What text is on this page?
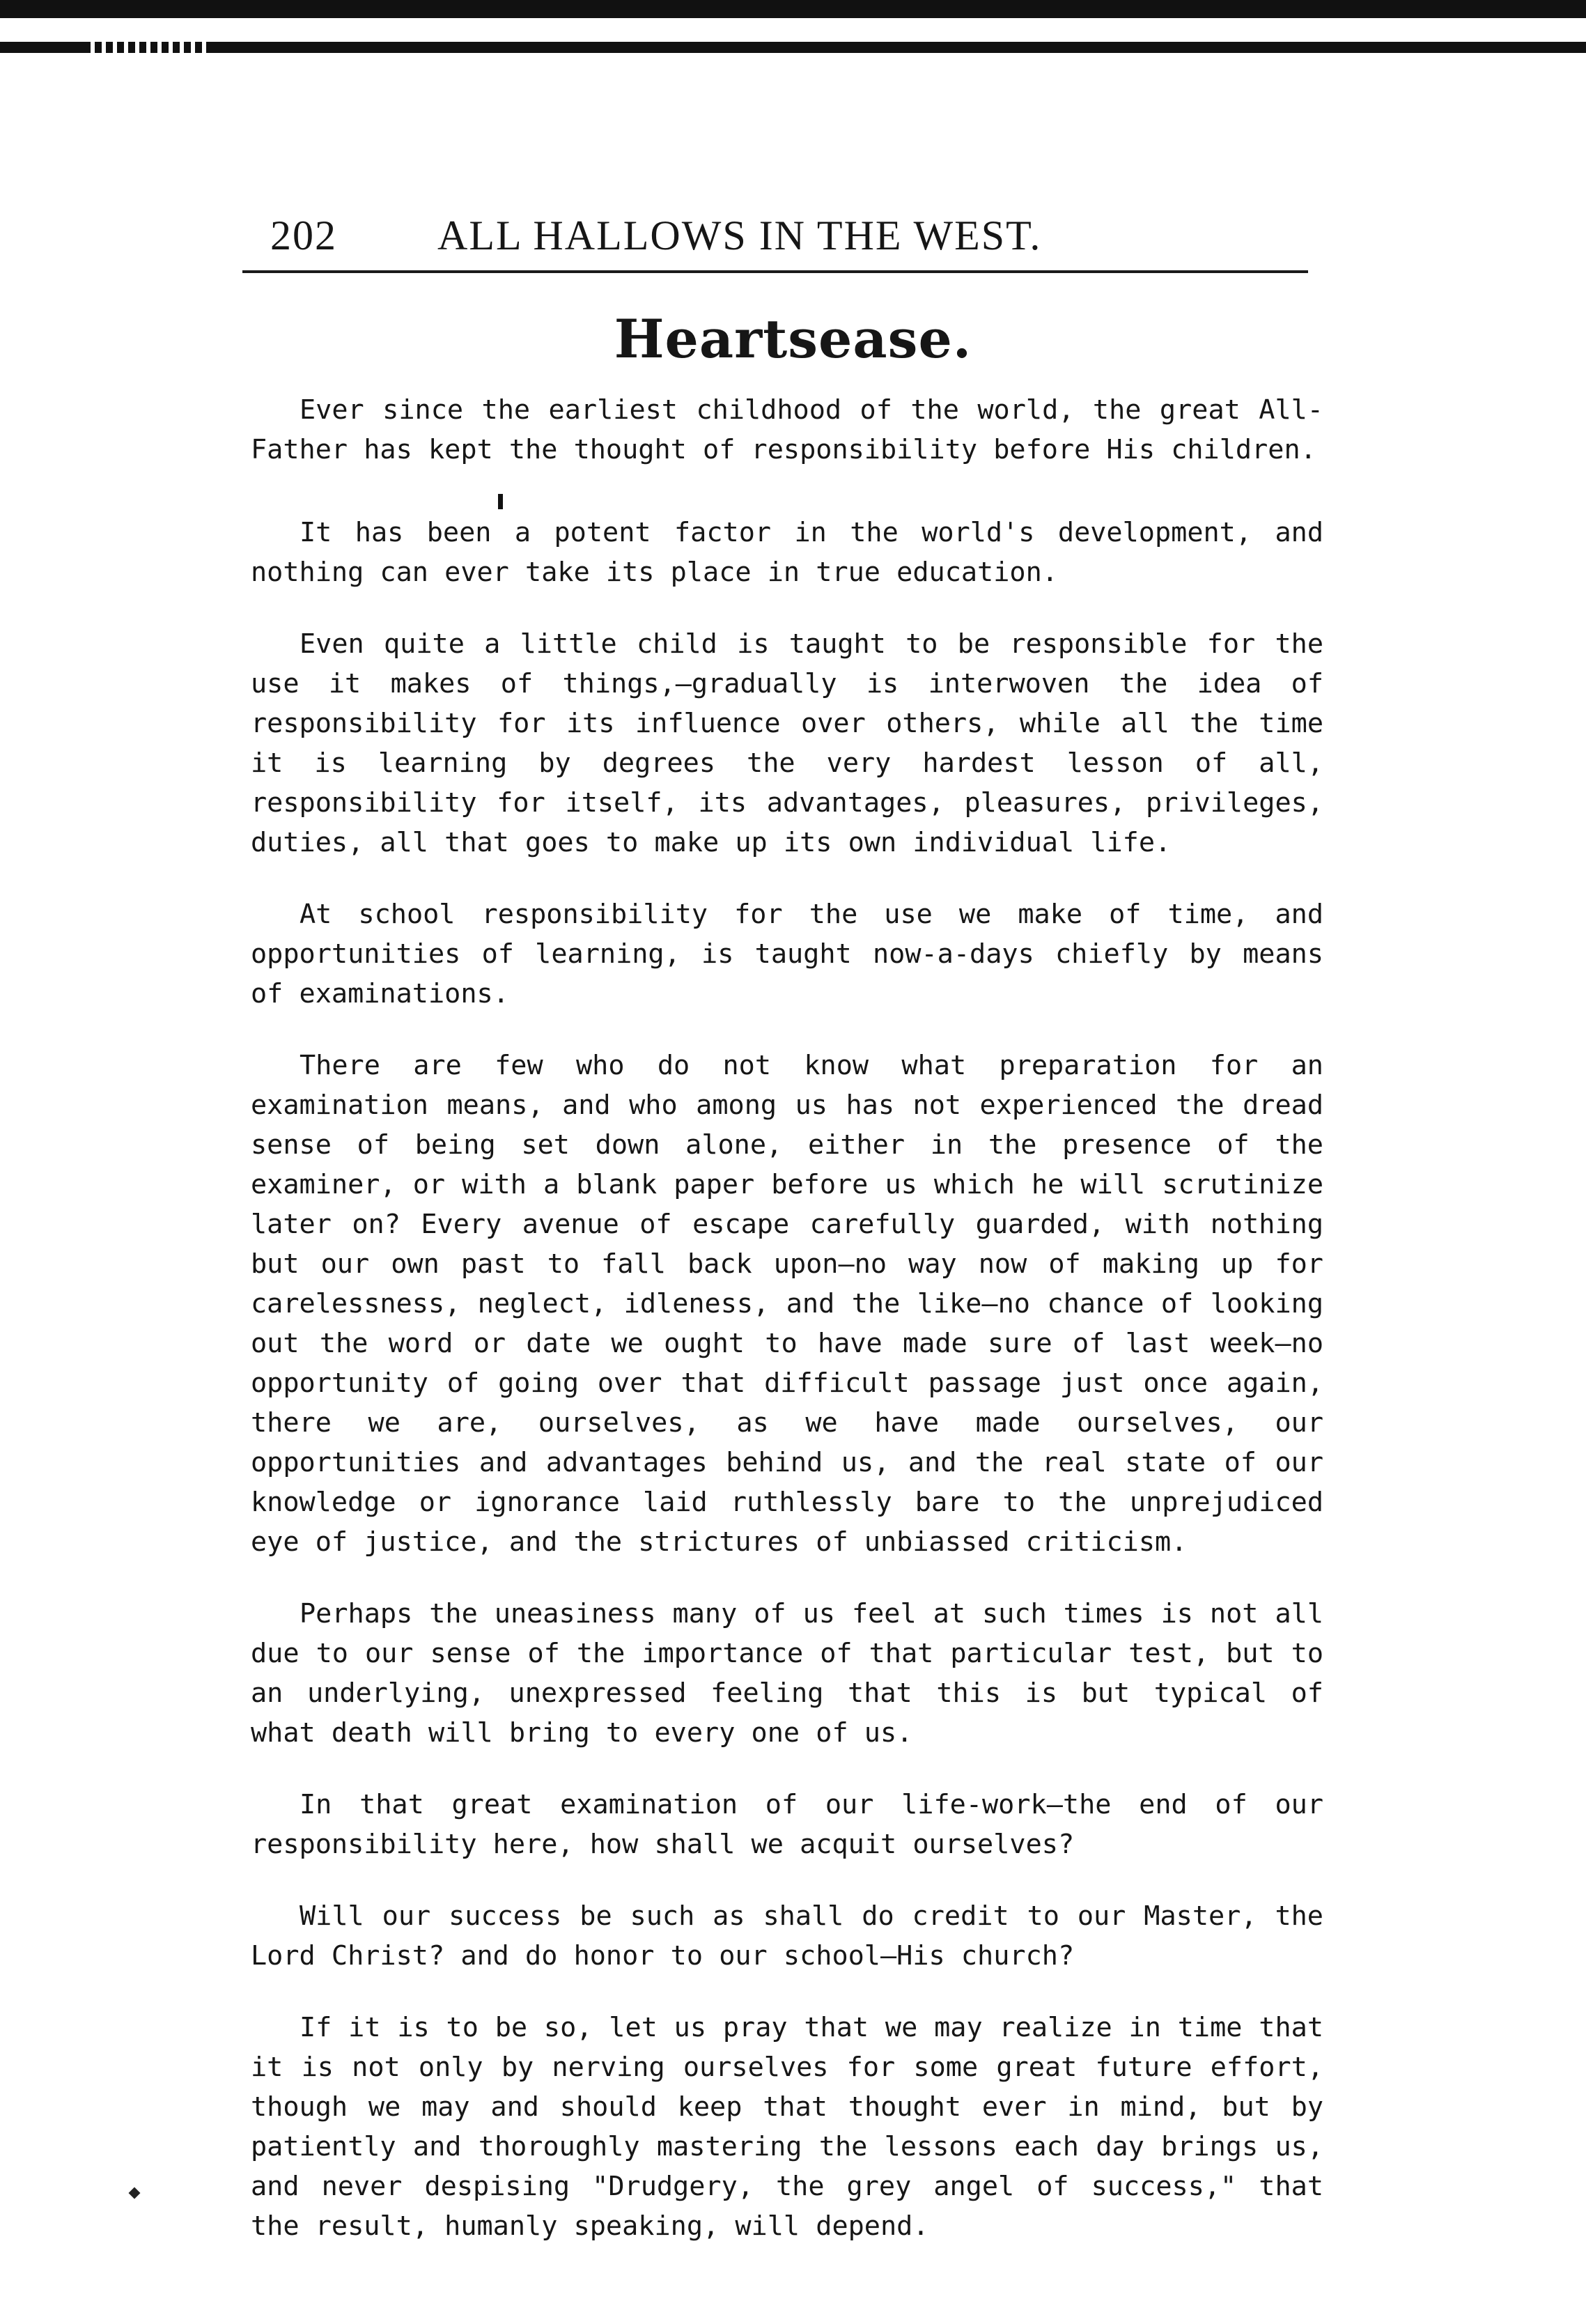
202 ALL HALLOWS IN THE WEST.
Heartsease.

Ever since the earliest childhood of the world, the great All-Father has kept the thought of responsibility before His children.

It has been a potent factor in the world's development, and nothing can ever take its place in true education.

Even quite a little child is taught to be responsible for the use it makes of things,—gradually is interwoven the idea of responsibility for its influence over others, while all the time it is learning by degrees the very hardest lesson of all, responsibility for itself, its advantages, pleasures, privileges, duties, all that goes to make up its own individual life.

At school responsibility for the use we make of time, and opportunities of learning, is taught now-a-days chiefly by means of examinations.

There are few who do not know what preparation for an examination means, and who among us has not experienced the dread sense of being set down alone, either in the presence of the examiner, or with a blank paper before us which he will scrutinize later on? Every avenue of escape carefully guarded, with nothing but our own past to fall back upon—no way now of making up for carelessness, neglect, idleness, and the like—no chance of looking out the word or date we ought to have made sure of last week—no opportunity of going over that difficult passage just once again, there we are, ourselves, as we have made ourselves, our opportunities and advantages behind us, and the real state of our knowledge or ignorance laid ruthlessly bare to the unprejudiced eye of justice, and the strictures of unbiassed criticism.

Perhaps the uneasiness many of us feel at such times is not all due to our sense of the importance of that particular test, but to an underlying, unexpressed feeling that this is but typical of what death will bring to every one of us.

In that great examination of our life-work—the end of our responsibility here, how shall we acquit ourselves?

Will our success be such as shall do credit to our Master, the Lord Christ? and do honor to our school—His church?

If it is to be so, let us pray that we may realize in time that it is not only by nerving ourselves for some great future effort, though we may and should keep that thought ever in mind, but by patiently and thoroughly mastering the lessons each day brings us, and never despising "Drudgery, the grey angel of success," that the result, humanly speaking, will depend.
